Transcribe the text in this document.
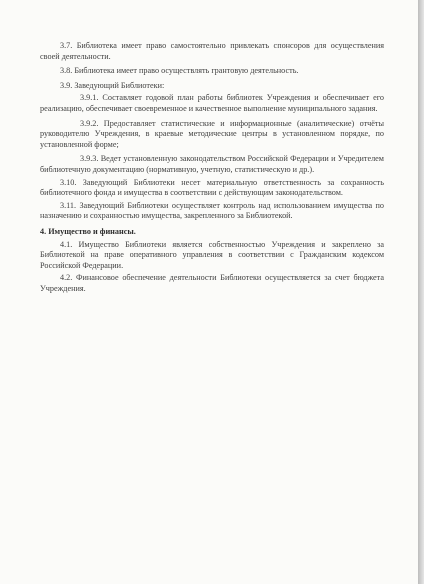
3.7. Библиотека имеет право самостоятельно привлекать спонсоров для осуществления своей деятельности.

3.8. Библиотека имеет право осуществлять грантовую деятельность.

3.9. Заведующий Библиотеки:

3.9.1. Составляет годовой план работы библиотек Учреждения и обеспечивает его реализацию, обеспечивает своевременное и качественное выполнение муниципального задания.

3.9.2. Предоставляет статистические и информационные (аналитические) отчёты руководителю Учреждения, в краевые методические центры в установленном порядке, по установленной форме;

3.9.3. Ведет установленную законодательством Российской Федерации и Учредителем библиотечную документацию (нормативную, учетную, статистическую и др.).

3.10. Заведующий Библиотеки несет материальную ответственность за сохранность библиотечного фонда и имущества в соответствии с действующим законодательством.

3.11. Заведующий Библиотеки осуществляет контроль над использованием имущества по назначению и сохранностью имущества, закрепленного за Библиотекой.

4. Имущество и финансы.

4.1. Имущество Библиотеки является собственностью Учреждения и закреплено за Библиотекой на праве оперативного управления в соответствии с Гражданским кодексом Российской Федерации.

4.2. Финансовое обеспечение деятельности Библиотеки осуществляется за счет бюджета Учреждения.
